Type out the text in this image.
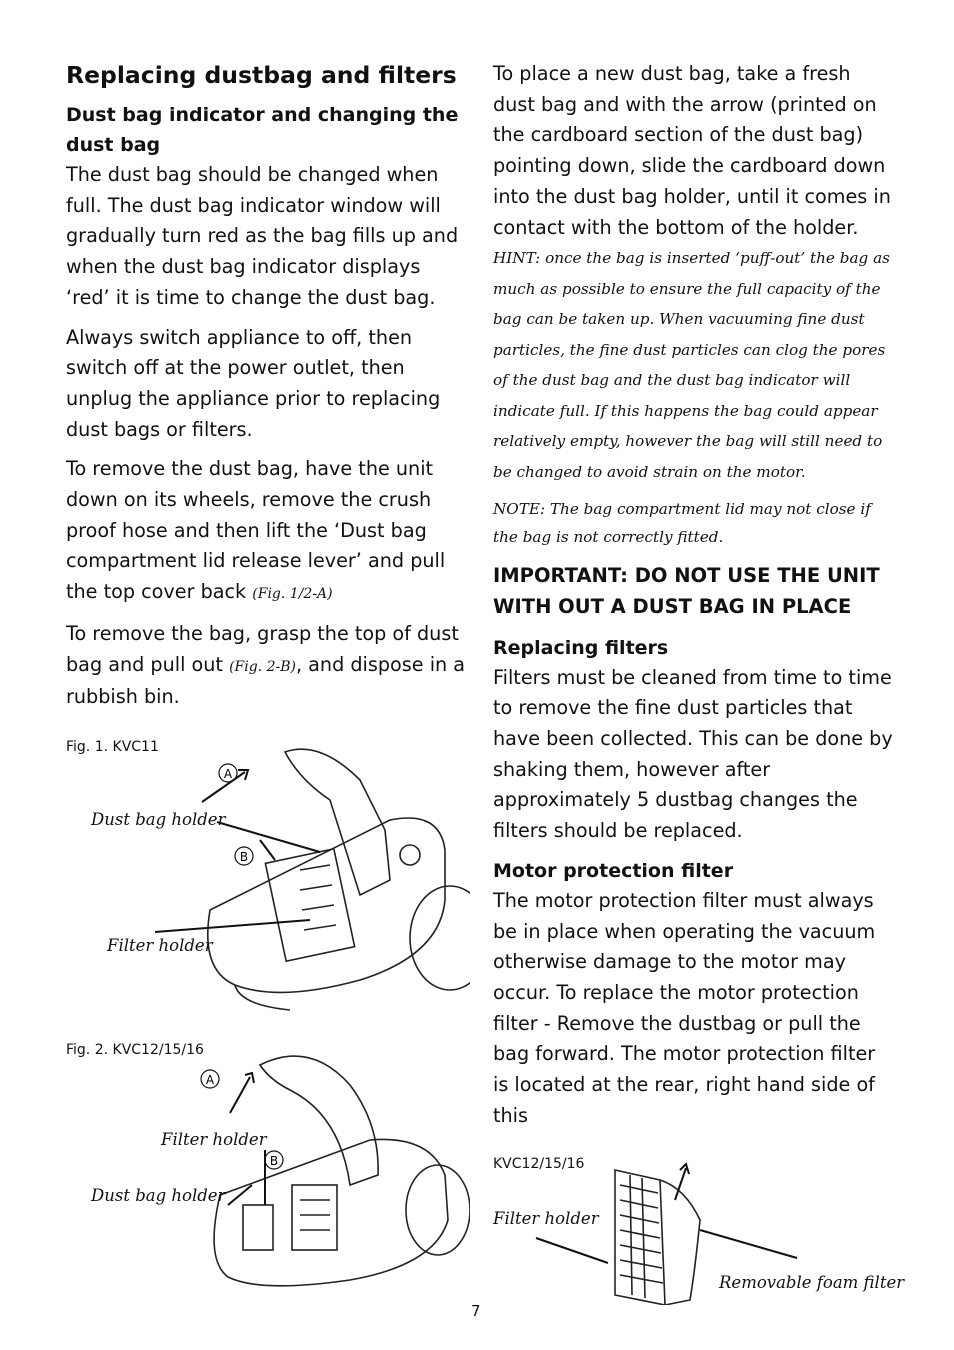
Replacing dustbag and filters
Dust bag indicator and changing the dust bag

The dust bag should be changed when full. The dust bag indicator window will gradually turn red as the bag fills up and when the dust bag indicator displays ‘red’ it is time to change the dust bag.

Always switch appliance to off, then switch off at the power outlet, then unplug the appliance prior to replacing dust bags or filters.

To remove the dust bag, have the unit down on its wheels, remove the crush proof hose and then lift the ‘Dust bag compartment lid release lever’ and pull the top cover back (Fig. 1/2-A)

To remove the bag, grasp the top of dust bag and pull out (Fig. 2-B), and dispose in a rubbish bin.

Fig. 1. KVC11
A
B
Dust bag holder
Filter holder
Fig. 2. KVC12/15/16
A
B
Filter holder
Dust bag holder

To place a new dust bag, take a fresh dust bag and with the arrow (printed on the cardboard section of the dust bag) pointing down, slide the cardboard down into the dust bag holder, until it comes in contact with the bottom of the holder.

HINT: once the bag is inserted ‘puff-out’ the bag as much as possible to ensure the full capacity of the bag can be taken up. When vacuuming fine dust particles, the fine dust particles can clog the pores of the dust bag and the dust bag indicator will indicate full. If this happens the bag could appear relatively empty, however the bag will still need to be changed to avoid strain on the motor.

NOTE: The bag compartment lid may not close if the bag is not correctly fitted.

IMPORTANT: DO NOT USE THE UNIT WITH OUT A DUST BAG IN PLACE
Replacing filters

Filters must be cleaned from time to time to remove the fine dust particles that have been collected. This can be done by shaking them, however after approximately 5 dustbag changes the filters should be replaced.

Motor protection filter

The motor protection filter must always be in place when operating the vacuum otherwise damage to the motor may occur. To replace the motor protection filter - Remove the dustbag or pull the bag forward. The motor protection filter is located at the rear, right hand side of this

KVC12/15/16
Filter holder
Removable foam filter
7
